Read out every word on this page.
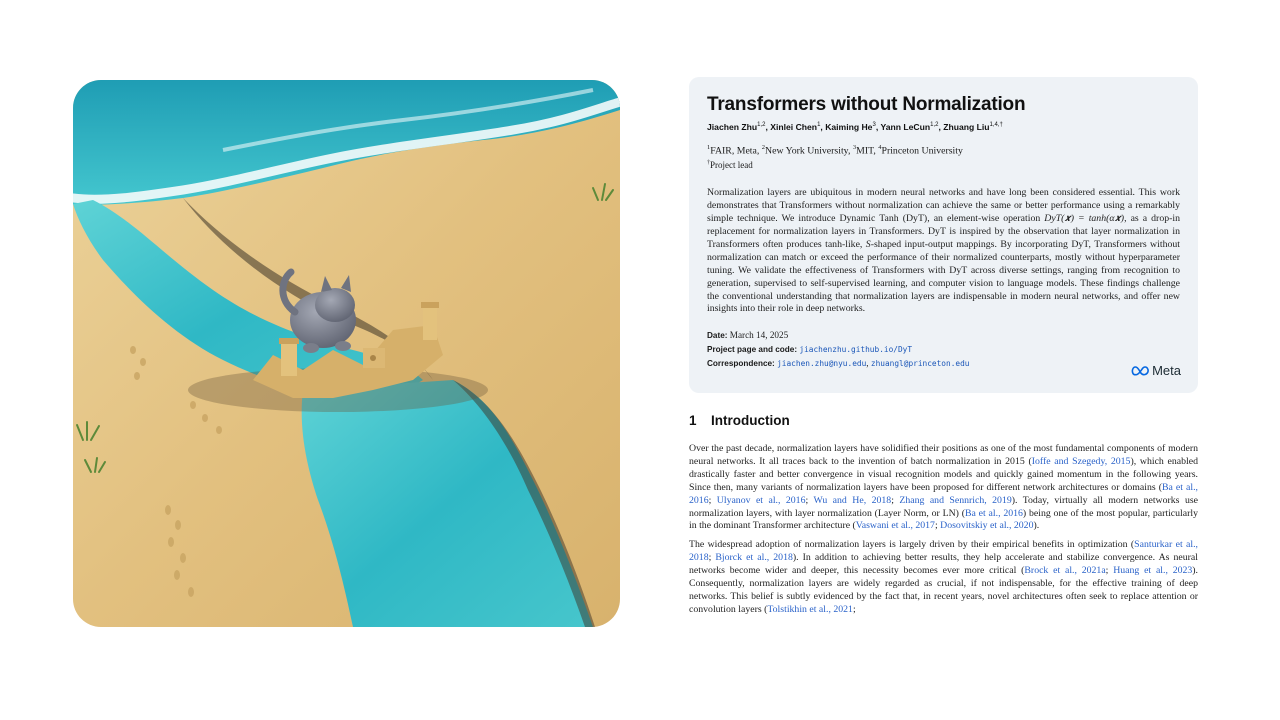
Transformers without Normalization
Jiachen Zhu$^{1,2}$, Xinlei Chen$^1$, Kaiming He$^3$, Yann LeCun$^{1,2}$, Zhuang Liu$^{1,4,\dagger}$
$^1$FAIR, Meta, $^2$New York University, $^3$MIT, $^4$Princeton University
†Project lead
Normalization layers are ubiquitous in modern neural networks and have long been considered essential. This work demonstrates that Transformers without normalization can achieve the same or better performance using a remarkably simple technique. We introduce Dynamic Tanh (DyT), an element-wise operation DyT(𝒙) = tanh(α𝒙), as a drop-in replacement for normalization layers in Transformers. DyT is inspired by the observation that layer normalization in Transformers often produces tanh-like, S-shaped input-output mappings. By incorporating DyT, Transformers without normalization can match or exceed the performance of their normalized counterparts, mostly without hyperparameter tuning. We validate the effectiveness of Transformers with DyT across diverse settings, ranging from recognition to generation, supervised to self-supervised learning, and computer vision to language models. These findings challenge the conventional understanding that normalization layers are indispensable in modern neural networks, and offer new insights into their role in deep networks.
Date: March 14, 2025
Project page and code: jiachenzhu.github.io/DyT
Correspondence: jiachen.zhu@nyu.edu, zhuangl@princeton.edu	Meta
1 Introduction

Over the past decade, normalization layers have solidified their positions as one of the most fundamental components of modern neural networks. It all traces back to the invention of batch normalization in 2015 (Ioffe and Szegedy, 2015), which enabled drastically faster and better convergence in visual recognition models and quickly gained momentum in the following years. Since then, many variants of normalization layers have been proposed for different network architectures or domains (Ba et al., 2016; Ulyanov et al., 2016; Wu and He, 2018; Zhang and Sennrich, 2019). Today, virtually all modern networks use normalization layers, with layer normalization (Layer Norm, or LN) (Ba et al., 2016) being one of the most popular, particularly in the dominant Transformer architecture (Vaswani et al., 2017; Dosovitskiy et al., 2020).

The widespread adoption of normalization layers is largely driven by their empirical benefits in optimization (Santurkar et al., 2018; Bjorck et al., 2018). In addition to achieving better results, they help accelerate and stabilize convergence. As neural networks become wider and deeper, this necessity becomes ever more critical (Brock et al., 2021a; Huang et al., 2023). Consequently, normalization layers are widely regarded as crucial, if not indispensable, for the effective training of deep networks. This belief is subtly evidenced by the fact that, in recent years, novel architectures often seek to replace attention or convolution layers (Tolstikhin et al., 2021;
